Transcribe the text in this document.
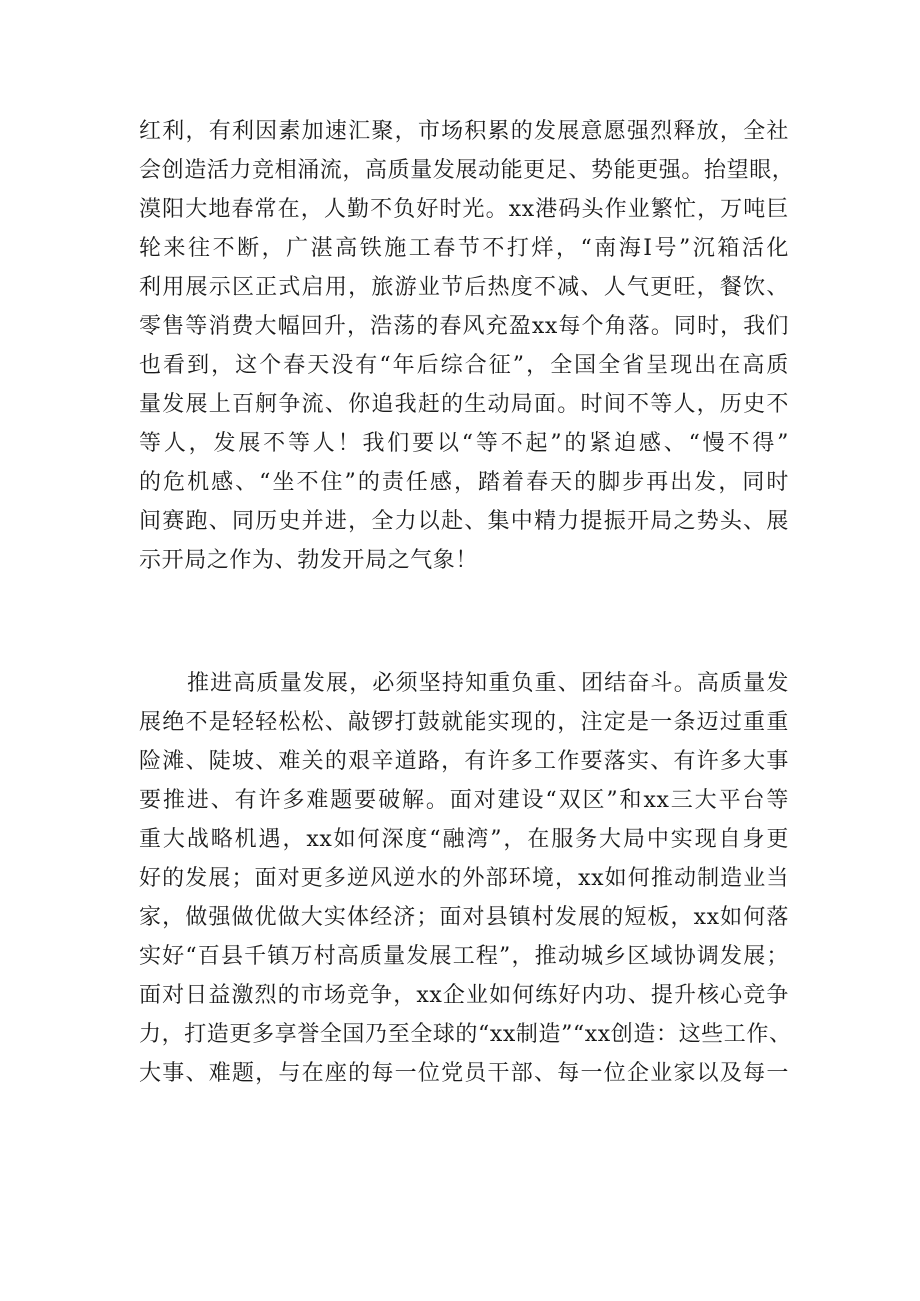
红利，有利因素加速汇聚，市场积累的发展意愿强烈释放，全社
会创造活力竞相涌流，高质量发展动能更足、势能更强。抬望眼，
漠阳大地春常在，人勤不负好时光。xx港码头作业繁忙，万吨巨
轮来往不断，广湛高铁施工春节不打烊，“南海Ⅰ号”沉箱活化
利用展示区正式启用，旅游业节后热度不减、人气更旺，餐饮、
零售等消费大幅回升，浩荡的春风充盈xx每个角落。同时，我们
也看到，这个春天没有“年后综合征”，全国全省呈现出在高质
量发展上百舸争流、你追我赶的生动局面。时间不等人，历史不
等人，发展不等人！我们要以“等不起”的紧迫感、“慢不得”
的危机感、“坐不住”的责任感，踏着春天的脚步再出发，同时
间赛跑、同历史并进，全力以赴、集中精力提振开局之势头、展
示开局之作为、勃发开局之气象！
推进高质量发展，必须坚持知重负重、团结奋斗。高质量发
展绝不是轻轻松松、敲锣打鼓就能实现的，注定是一条迈过重重
险滩、陡坡、难关的艰辛道路，有许多工作要落实、有许多大事
要推进、有许多难题要破解。面对建设“双区”和xx三大平台等
重大战略机遇，xx如何深度“融湾”，在服务大局中实现自身更
好的发展；面对更多逆风逆水的外部环境，xx如何推动制造业当
家，做强做优做大实体经济；面对县镇村发展的短板，xx如何落
实好“百县千镇万村高质量发展工程”，推动城乡区域协调发展；
面对日益激烈的市场竞争，xx企业如何练好内功、提升核心竞争
力，打造更多享誉全国乃至全球的“xx制造”“xx创造：这些工作、
大事、难题，与在座的每一位党员干部、每一位企业家以及每一
